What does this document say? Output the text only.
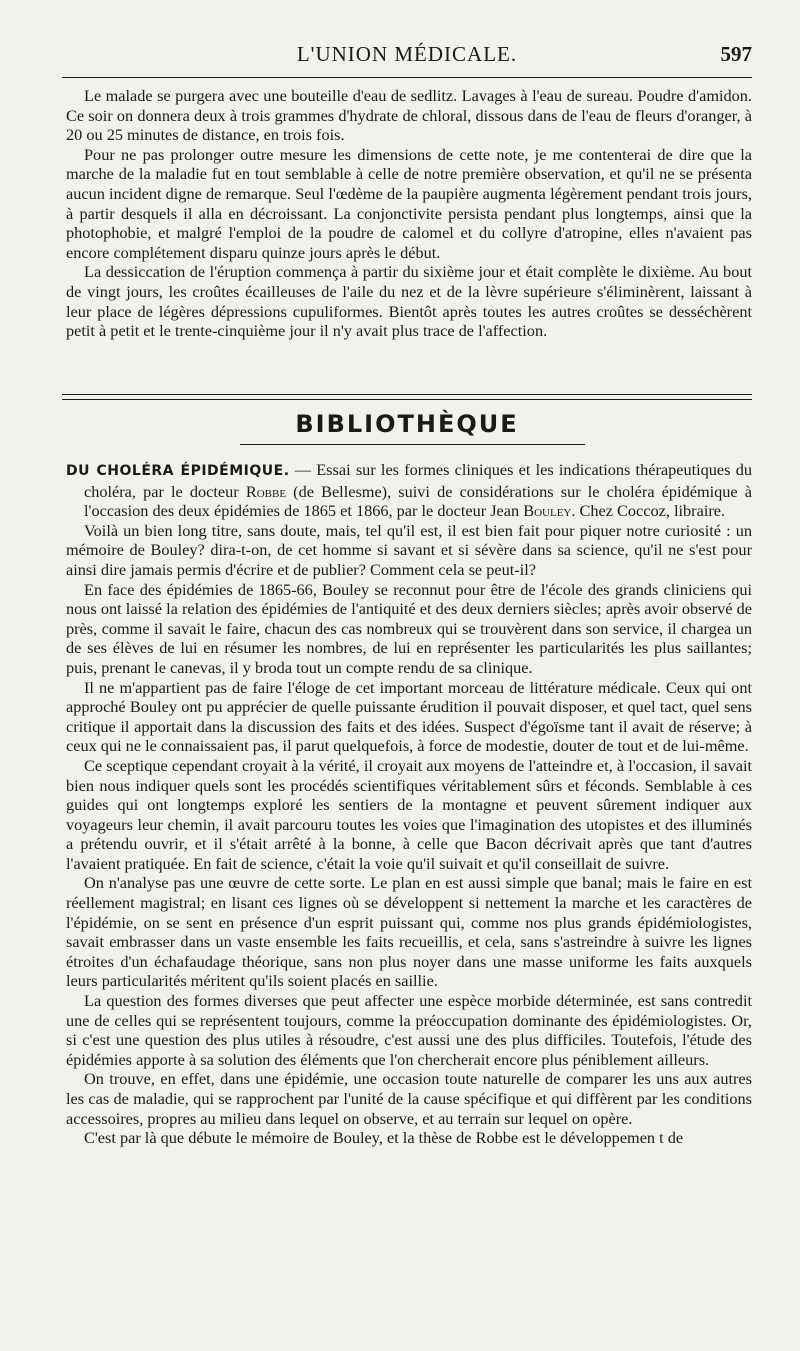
L'UNION MÉDICALE.	597

Le malade se purgera avec une bouteille d'eau de sedlitz. Lavages à l'eau de sureau. Poudre d'amidon. Ce soir on donnera deux à trois grammes d'hydrate de chloral, dissous dans de l'eau de fleurs d'oranger, à 20 ou 25 minutes de distance, en trois fois.

Pour ne pas prolonger outre mesure les dimensions de cette note, je me contenterai de dire que la marche de la maladie fut en tout semblable à celle de notre première observation, et qu'il ne se présenta aucun incident digne de remarque. Seul l'œdème de la paupière augmenta légèrement pendant trois jours, à partir desquels il alla en décroissant. La conjonctivite persista pendant plus longtemps, ainsi que la photophobie, et malgré l'emploi de la poudre de calomel et du collyre d'atropine, elles n'avaient pas encore complétement disparu quinze jours après le début.

La dessiccation de l'éruption commença à partir du sixième jour et était complète le dixième. Au bout de vingt jours, les croûtes écailleuses de l'aile du nez et de la lèvre supérieure s'éliminèrent, laissant à leur place de légères dépressions cupuliformes. Bientôt après toutes les autres croûtes se desséchèrent petit à petit et le trente-cinquième jour il n'y avait plus trace de l'affection.

BIBLIOTHÈQUE

DU CHOLÉRA ÉPIDÉMIQUE. — Essai sur les formes cliniques et les indications thérapeutiques du choléra, par le docteur Robbe (de Bellesme), suivi de considérations sur le choléra épidémique à l'occasion des deux épidémies de 1865 et 1866, par le docteur Jean Bouley. Chez Coccoz, libraire.

Voilà un bien long titre, sans doute, mais, tel qu'il est, il est bien fait pour piquer notre curiosité : un mémoire de Bouley? dira-t-on, de cet homme si savant et si sévère dans sa science, qu'il ne s'est pour ainsi dire jamais permis d'écrire et de publier? Comment cela se peut-il?

En face des épidémies de 1865-66, Bouley se reconnut pour être de l'école des grands cliniciens qui nous ont laissé la relation des épidémies de l'antiquité et des deux derniers siècles; après avoir observé de près, comme il savait le faire, chacun des cas nombreux qui se trouvèrent dans son service, il chargea un de ses élèves de lui en résumer les nombres, de lui en représenter les particularités les plus saillantes; puis, prenant le canevas, il y broda tout un compte rendu de sa clinique.

Il ne m'appartient pas de faire l'éloge de cet important morceau de littérature médicale. Ceux qui ont approché Bouley ont pu apprécier de quelle puissante érudition il pouvait disposer, et quel tact, quel sens critique il apportait dans la discussion des faits et des idées. Suspect d'égoïsme tant il avait de réserve; à ceux qui ne le connaissaient pas, il parut quelquefois, à force de modestie, douter de tout et de lui-même.

Ce sceptique cependant croyait à la vérité, il croyait aux moyens de l'atteindre et, à l'occasion, il savait bien nous indiquer quels sont les procédés scientifiques véritablement sûrs et féconds. Semblable à ces guides qui ont longtemps exploré les sentiers de la montagne et peuvent sûrement indiquer aux voyageurs leur chemin, il avait parcouru toutes les voies que l'imagination des utopistes et des illuminés a prétendu ouvrir, et il s'était arrêté à la bonne, à celle que Bacon décrivait après que tant d'autres l'avaient pratiquée. En fait de science, c'était la voie qu'il suivait et qu'il conseillait de suivre.

On n'analyse pas une œuvre de cette sorte. Le plan en est aussi simple que banal; mais le faire en est réellement magistral; en lisant ces lignes où se développent si nettement la marche et les caractères de l'épidémie, on se sent en présence d'un esprit puissant qui, comme nos plus grands épidémiologistes, savait embrasser dans un vaste ensemble les faits recueillis, et cela, sans s'astreindre à suivre les lignes étroites d'un échafaudage théorique, sans non plus noyer dans une masse uniforme les faits auxquels leurs particularités méritent qu'ils soient placés en saillie.

La question des formes diverses que peut affecter une espèce morbide déterminée, est sans contredit une de celles qui se représentent toujours, comme la préoccupation dominante des épidémiologistes. Or, si c'est une question des plus utiles à résoudre, c'est aussi une des plus difficiles. Toutefois, l'étude des épidémies apporte à sa solution des éléments que l'on chercherait encore plus péniblement ailleurs.

On trouve, en effet, dans une épidémie, une occasion toute naturelle de comparer les uns aux autres les cas de maladie, qui se rapprochent par l'unité de la cause spécifique et qui diffèrent par les conditions accessoires, propres au milieu dans lequel on observe, et au terrain sur lequel on opère.

C'est par là que débute le mémoire de Bouley, et la thèse de Robbe est le développemen t de
